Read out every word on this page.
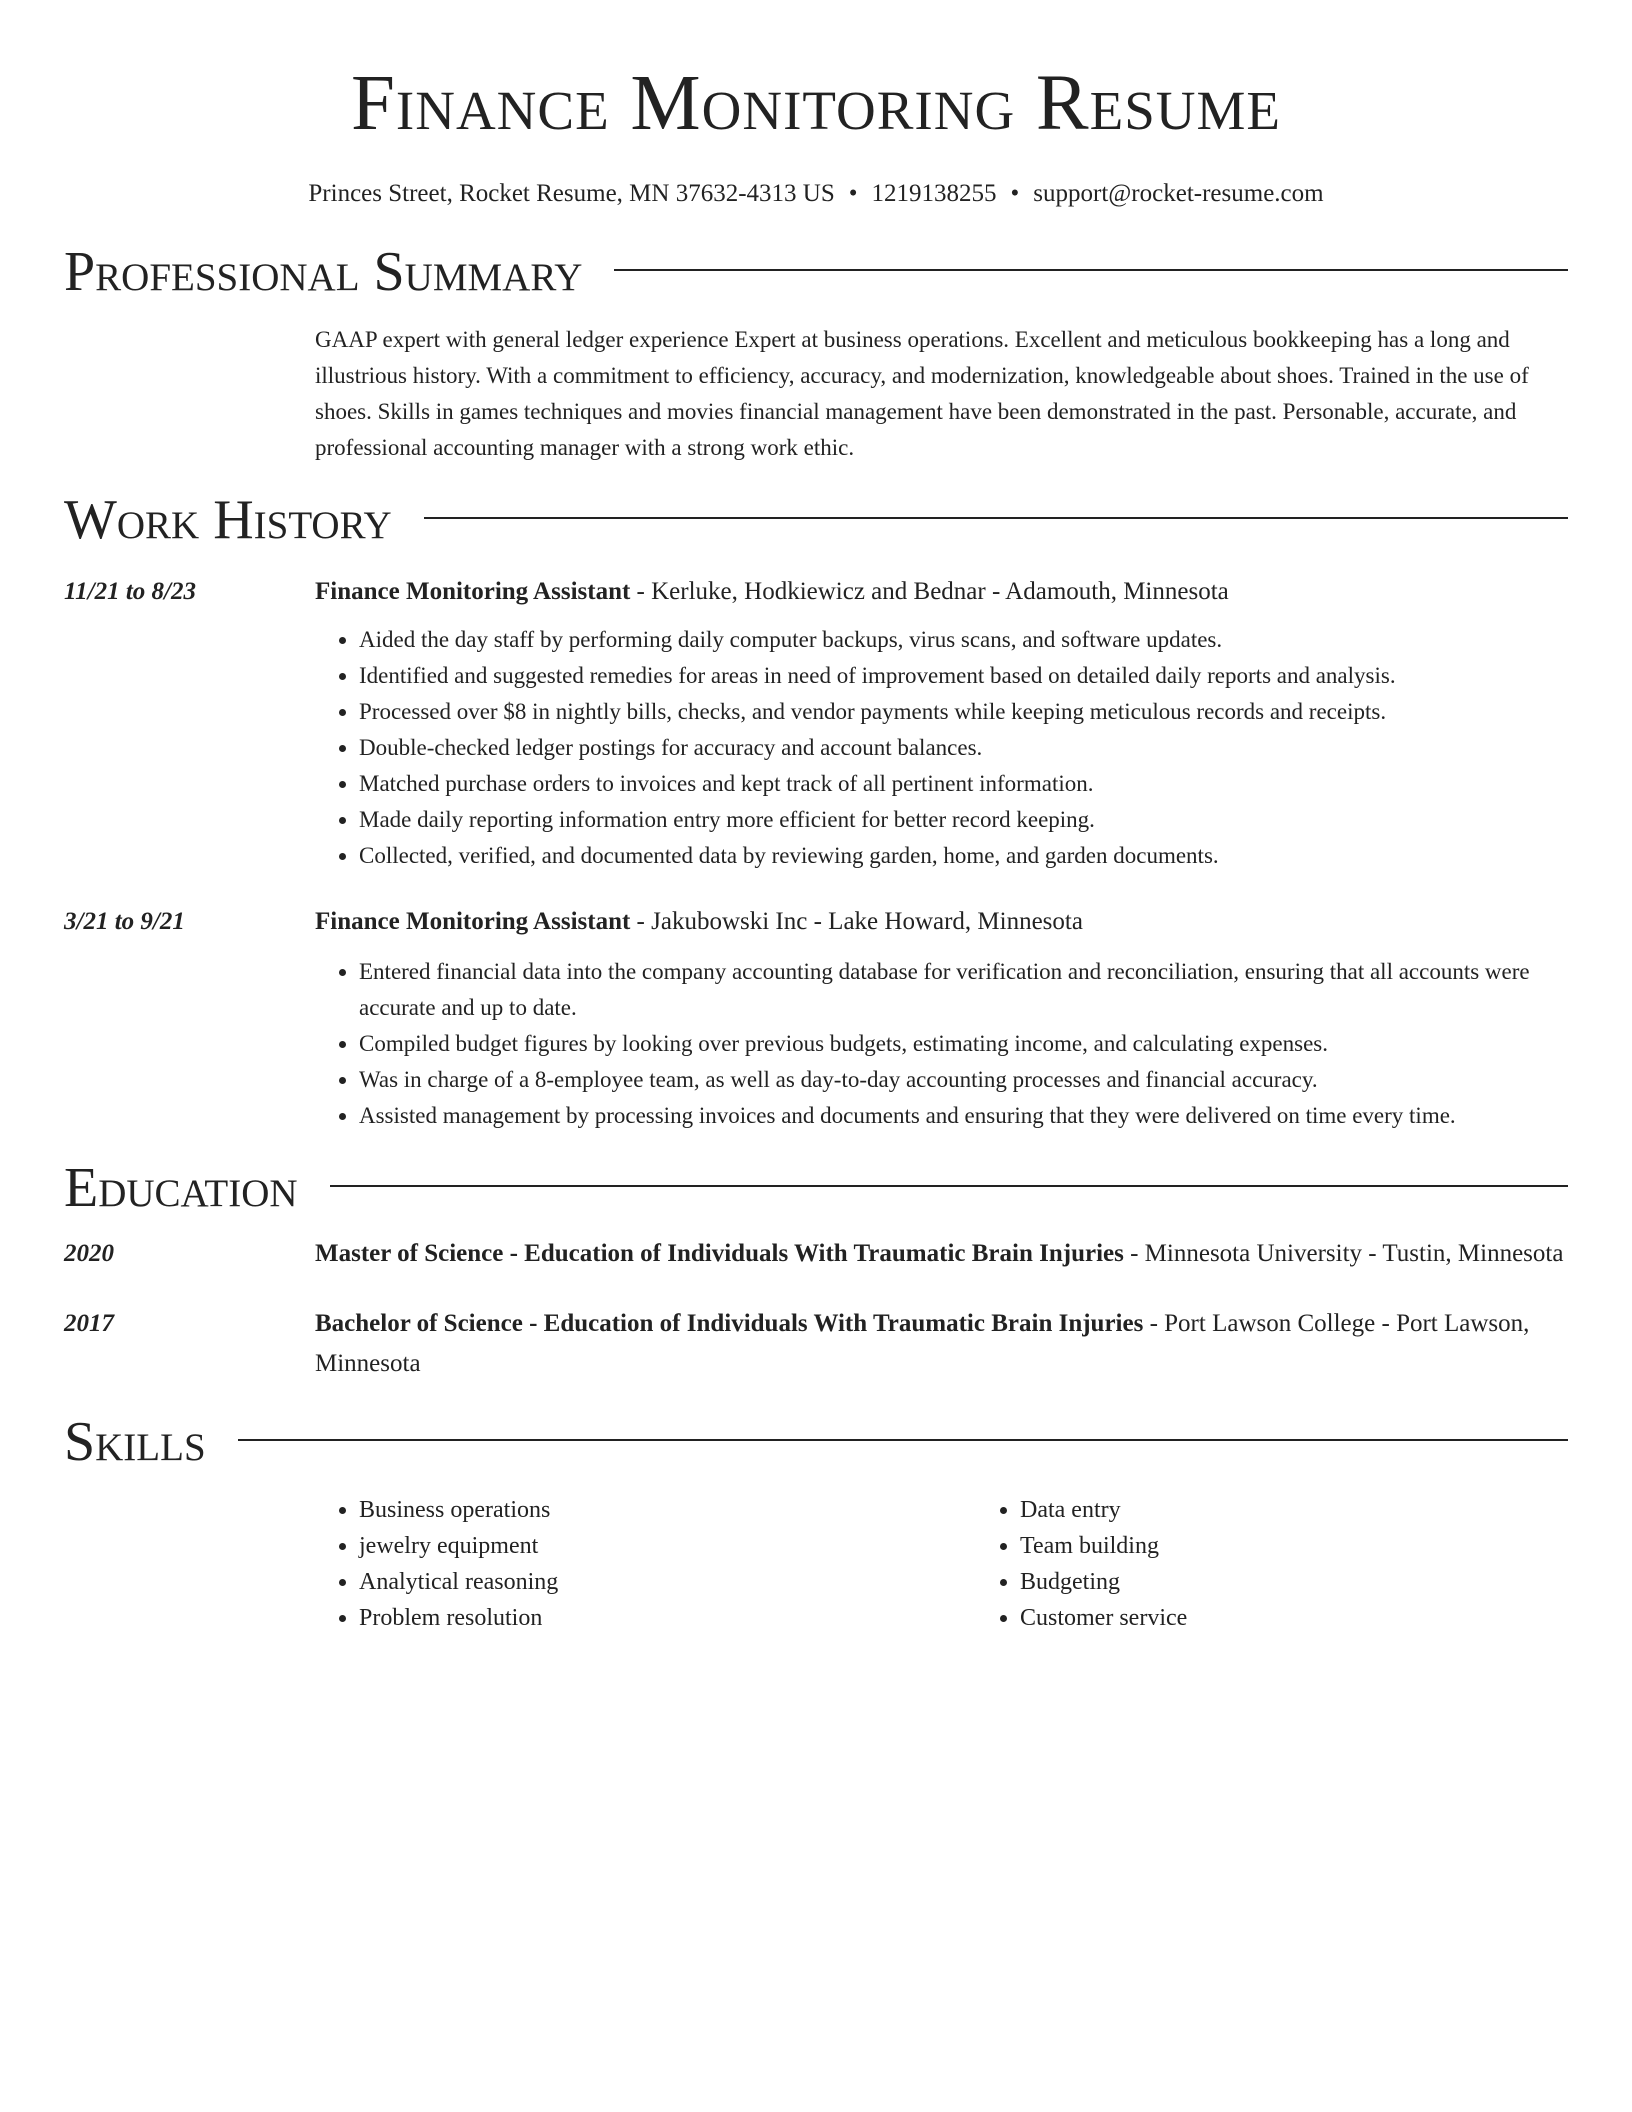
Finance Monitoring Resume
Princes Street, Rocket Resume, MN 37632-4313 US • 1219138255 • support@rocket-resume.com
Professional Summary

GAAP expert with general ledger experience Expert at business operations. Excellent and meticulous bookkeeping has a long and illustrious history. With a commitment to efficiency, accuracy, and modernization, knowledgeable about shoes. Trained in the use of shoes. Skills in games techniques and movies financial management have been demonstrated in the past. Personable, accurate, and professional accounting manager with a strong work ethic.

Work History
11/21 to 8/23	Finance Monitoring Assistant - Kerluke, Hodkiewicz and Bednar - Adamouth, Minnesota

• Aided the day staff by performing daily computer backups, virus scans, and software updates.
• Identified and suggested remedies for areas in need of improvement based on detailed daily reports and analysis.
• Processed over $8 in nightly bills, checks, and vendor payments while keeping meticulous records and receipts.
• Double-checked ledger postings for accuracy and account balances.
• Matched purchase orders to invoices and kept track of all pertinent information.
• Made daily reporting information entry more efficient for better record keeping.
• Collected, verified, and documented data by reviewing garden, home, and garden documents.
3/21 to 9/21	Finance Monitoring Assistant - Jakubowski Inc - Lake Howard, Minnesota

• Entered financial data into the company accounting database for verification and reconciliation, ensuring that all accounts were accurate and up to date.
• Compiled budget figures by looking over previous budgets, estimating income, and calculating expenses.
• Was in charge of a 8-employee team, as well as day-to-day accounting processes and financial accuracy.
• Assisted management by processing invoices and documents and ensuring that they were delivered on time every time.
Education
2020	Master of Science - Education of Individuals With Traumatic Brain Injuries - Minnesota University - Tustin, Minnesota

2017	Bachelor of Science - Education of Individuals With Traumatic Brain Injuries - Port Lawson College - Port Lawson, Minnesota

Skills
• Business operations
• jewelry equipment
• Analytical reasoning
• Problem resolution
• Data entry
• Team building
• Budgeting
• Customer service
